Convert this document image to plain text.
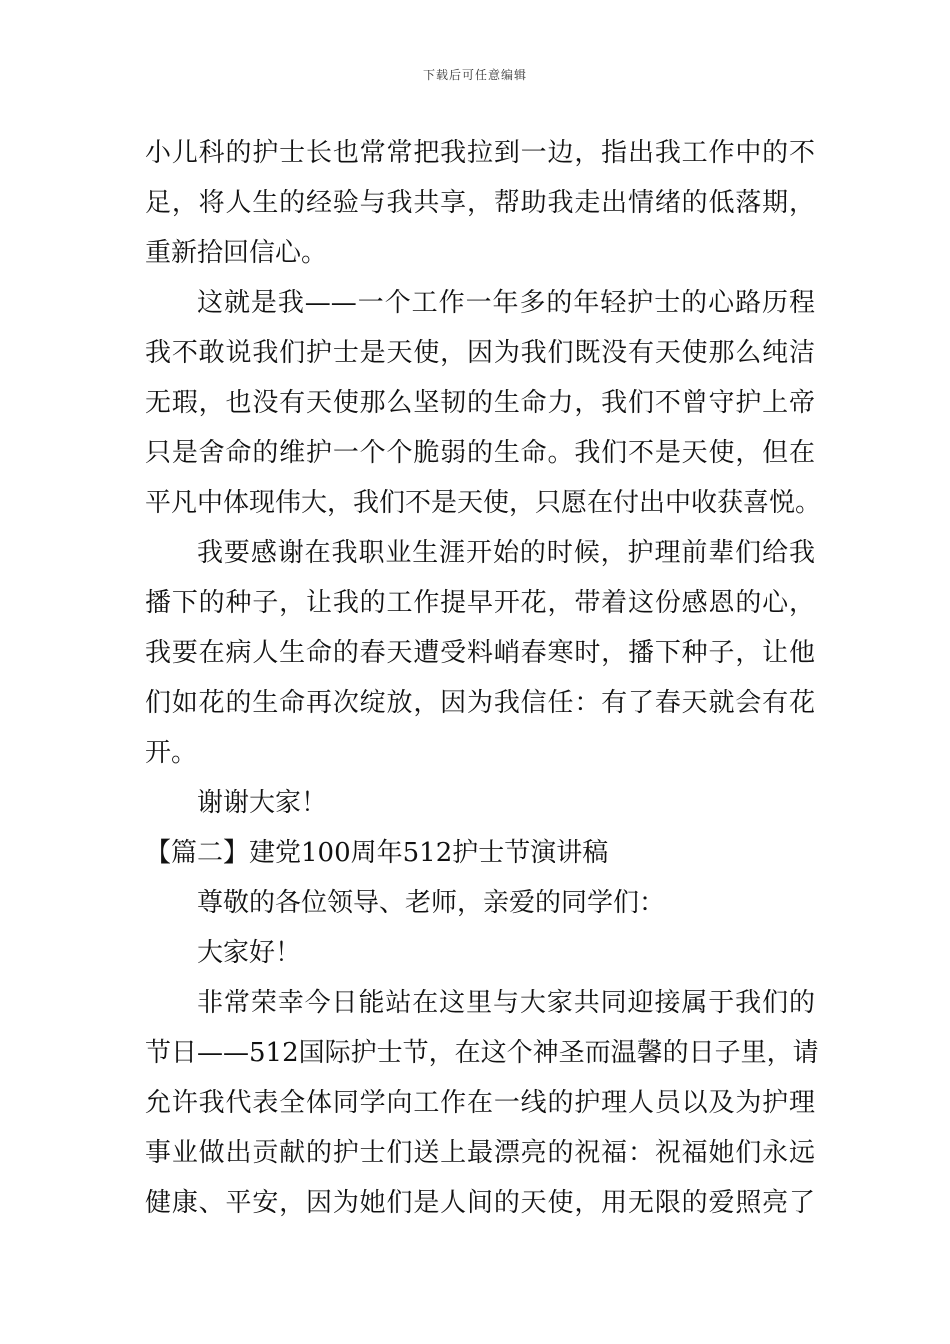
下载后可任意编辑
小儿科的护士长也常常把我拉到一边，指出我工作中的不
足，将人生的经验与我共享，帮助我走出情绪的低落期，
重新拾回信心。
这就是我——一个工作一年多的年轻护士的心路历程
我不敢说我们护士是天使，因为我们既没有天使那么纯洁
无瑕，也没有天使那么坚韧的生命力，我们不曾守护上帝
只是舍命的维护一个个脆弱的生命。我们不是天使，但在
平凡中体现伟大，我们不是天使，只愿在付出中收获喜悦。
我要感谢在我职业生涯开始的时候，护理前辈们给我
播下的种子，让我的工作提早开花，带着这份感恩的心，
我要在病人生命的春天遭受料峭春寒时，播下种子，让他
们如花的生命再次绽放，因为我信任：有了春天就会有花
开。
谢谢大家！
【篇二】建党100周年512护士节演讲稿
尊敬的各位领导、老师，亲爱的同学们：
大家好！
非常荣幸今日能站在这里与大家共同迎接属于我们的
节日——512国际护士节，在这个神圣而温馨的日子里，请
允许我代表全体同学向工作在一线的护理人员以及为护理
事业做出贡献的护士们送上最漂亮的祝福：祝福她们永远
健康、平安，因为她们是人间的天使，用无限的爱照亮了
